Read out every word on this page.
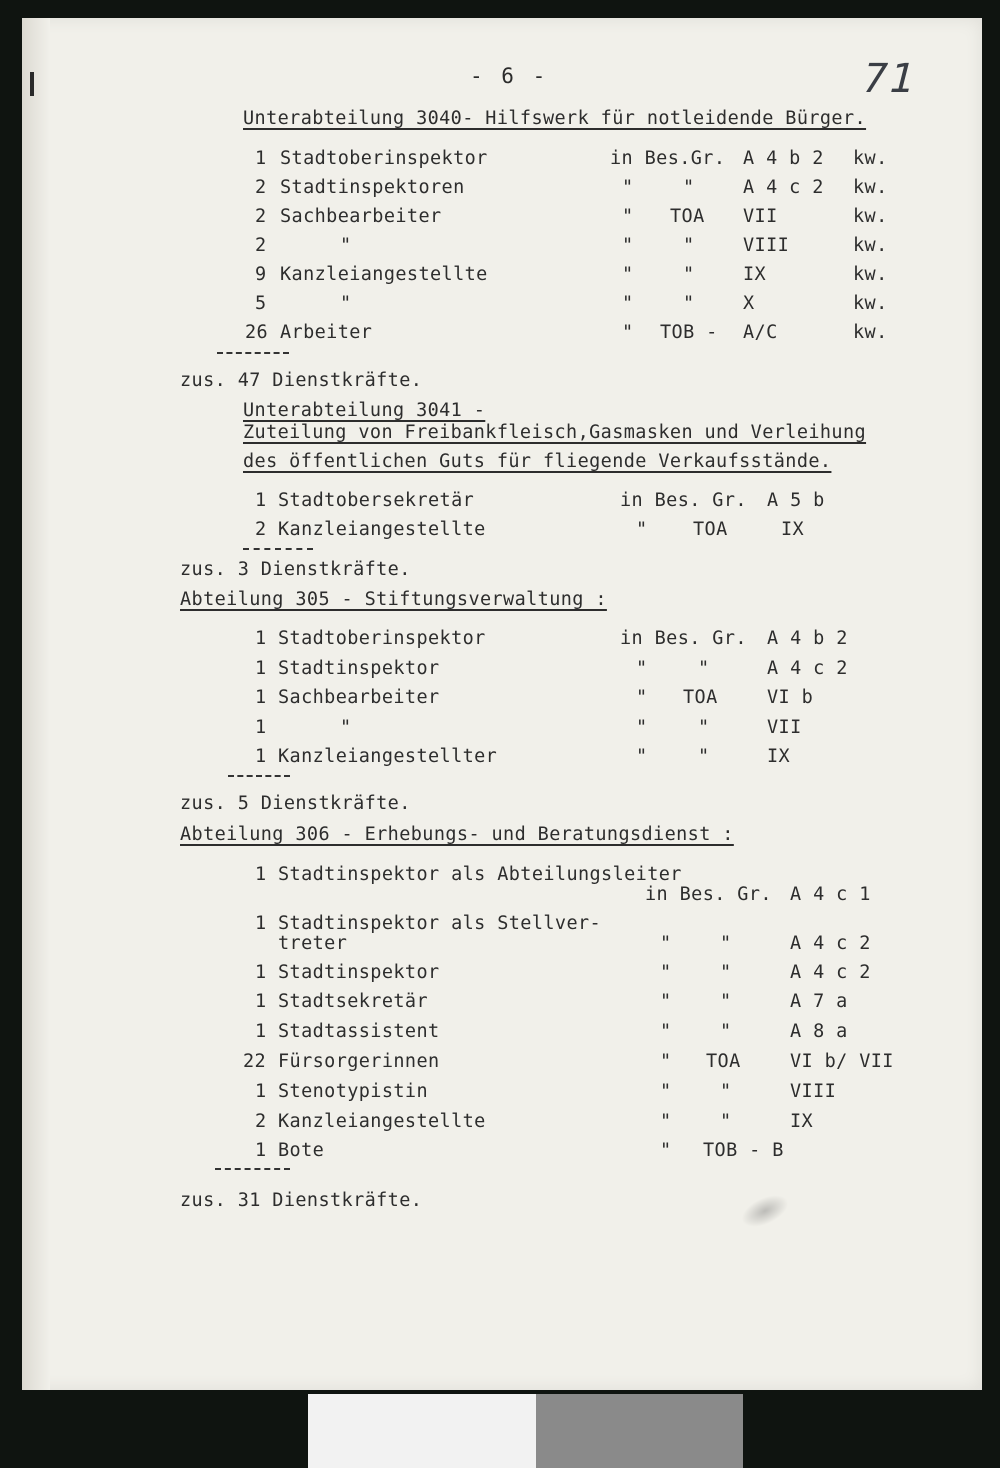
- 6 -	71
Unterabteilung 3040- Hilfswerk für notleidende Bürger.
1 Stadtoberinspektor	in Bes.Gr. A 4 b 2 kw.
2 Stadtinspektoren	"	"	A 4 c 2 kw.
2 Sachbearbeiter	" TOA VII	kw.
2	"	"	"	VIII	kw.
9 Kanzleiangestellte	"	"	IX	kw.
5	"	"	"	X	kw.
26 Arbeiter	" TOB - A/C	kw.
zus. 47 Dienstkräfte.
Unterabteilung 3041 -
Zuteilung von Freibankfleisch,Gasmasken und Verleihung
des öffentlichen Guts für fliegende Verkaufsstände.
1 Stadtobersekretär	in Bes. Gr. A 5 b
2 Kanzleiangestellte	" TOA	IX
zus. 3 Dienstkräfte.
Abteilung 305 - Stiftungsverwaltung :
1 Stadtoberinspektor	in Bes. Gr. A 4 b 2
1 Stadtinspektor	"	"	A 4 c 2
1 Sachbearbeiter	" TOA	VI b
1	"	"	"	VII
1 Kanzleiangestellter	"	"	IX
zus. 5 Dienstkräfte.
Abteilung 306 - Erhebungs- und Beratungsdienst :
1 Stadtinspektor als Abteilungsleiter
in Bes. Gr. A 4 c 1
1 Stadtinspektor als Stellver-
treter	"	"	A 4 c 2
1 Stadtinspektor	"	"	A 4 c 2
1 Stadtsekretär	"	"	A 7 a
1 Stadtassistent	"	"	A 8 a
22 Fürsorgerinnen	" TOA	VI b/ VII
1 Stenotypistin	"	"	VIII
2 Kanzleiangestellte	"	"	IX
1 Bote	" TOB - B
zus. 31 Dienstkräfte.
